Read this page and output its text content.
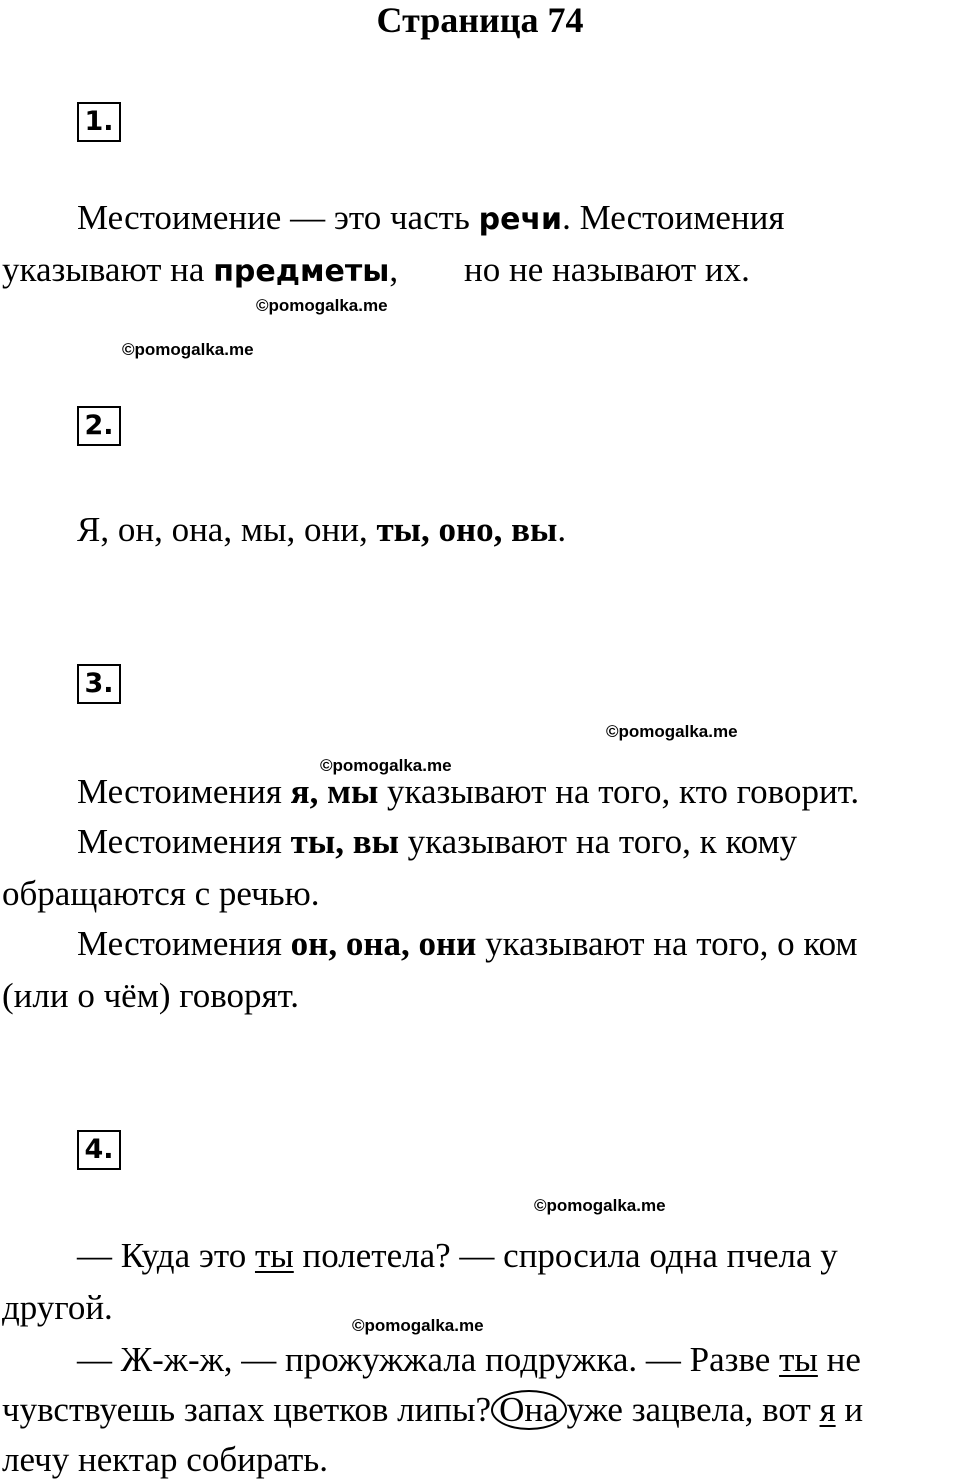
Страница 74
1.
Местоимение — это часть речи. Местоимения
указывают на предметы, но не называют их.
©pomogalka.me
©pomogalka.me
2.
Я, он, она, мы, они, ты, оно, вы.
3.
©pomogalka.me
©pomogalka.me
Местоимения я, мы указывают на того, кто говорит.
Местоимения ты, вы указывают на того, к кому
обращаются с речью.
Местоимения он, она, они указывают на того, о ком
(или о чём) говорят.
4.
©pomogalka.me
— Куда это ты полетела? — спросила одна пчела у
другой.	©pomogalka.me
— Ж-ж-ж, — прожужжала подружка. — Разве ты не
чувствуешь запах цветков липы? Она уже зацвела, вот я и
лечу нектар собирать.
